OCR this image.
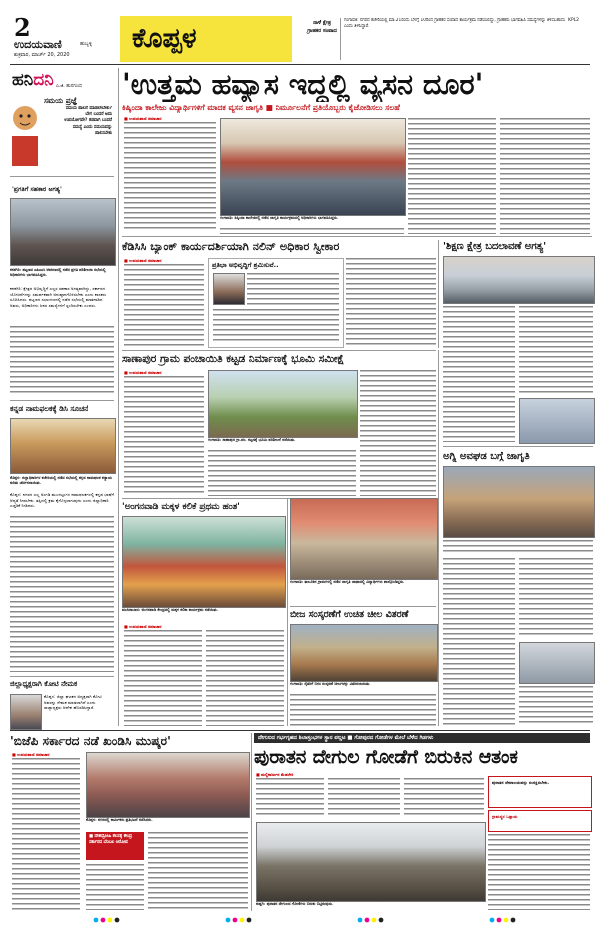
2
ಉದಯವಾಣಿ	ಹುಬ್ಬಳ್ಳಿ
ಶುಕ್ರವಾರ, ಮಾರ್ಚ್ 20, 2020
ಕೊಪ್ಪಳ	ನಾಳೆ ಕ್ಷೇತ್ರ ಗ್ರಾಹಕರ ಸಂವಾದ
ಗಂಗಾವತಿ: ನಗರದ ಕಚೇರಿಯಲ್ಲಿ ಮಾ.21ರಂದು ಬೆಳಗ್ಗೆ 10ರಿಂದ ಗ್ರಾಹಕರ ಸಂವಾದ ಕಾರ್ಯಕ್ರಮ ನಡೆಯಲಿದ್ದು, ಗ್ರಾಹಕರು ಭಾಗವಹಿಸಿ ಸಮಸ್ಯೆಗಳನ್ನು ತಿಳಿಸಬಹುದು ಎಂದು ತಿಳಿಸಿದ್ದಾರೆ.
KPL2
ಹನಿದನಿ ಎ.ಜಿ. ಹುನಗುಂದ
ಸಮಯ ಪ್ರಜ್ಞೆ
ಸಮಯ ಪಾಲನೆ ಮಾಡಲೇಬೇಕು? ಬೇಗ ಬಂದರೆ ಅದು ಉಪಯೋಗವೇ? ತಡವಾಗಿ ಬಂದರೆ ಸಮಸ್ಯೆ ಎಂದು ಸಮಯವನ್ನು ಪಾಲಿಸಬೇಕು
'ಪ್ರಗತಿಗೆ ಸಹಕಾರ ಅಗತ್ಯ'
ಕನಕಗಿರಿ: ಪಟ್ಟಣದ ಎಪಿಎಂಸಿ ಆವರಣದಲ್ಲಿ ನಡೆದ ಪ್ರಗತಿ ಪರಿಶೀಲನಾ ಸಭೆಯಲ್ಲಿ ಅಧಿಕಾರಿಗಳು ಭಾಗವಹಿಸಿದ್ದರು.
ಕನಕಗಿರಿ: ಕ್ಷೇತ್ರದ ಅಭಿವೃದ್ಧಿಗೆ ಎಲ್ಲರ ಸಹಕಾರ ಅಗತ್ಯವಾಗಿದ್ದು, ಸರ್ಕಾರದ ಯೋಜನೆಗಳನ್ನು ಸಮರ್ಪಕವಾಗಿ ಅನುಷ್ಠಾನಗೊಳಿಸಬೇಕು ಎಂದು ಶಾಸಕರು ಸೂಚಿಸಿದರು. ಪಟ್ಟಣದ ಸಭಾಂಗಣದಲ್ಲಿ ನಡೆದ ಸಭೆಯಲ್ಲಿ ಮಾತನಾಡಿದ ಅವರು, ಅಧಿಕಾರಿಗಳು ಜನರ ಸಮಸ್ಯೆಗಳಿಗೆ ಸ್ಪಂದಿಸಬೇಕು ಎಂದರು.
ಕನ್ನಡ ನಾಮಫಲಕಕ್ಕೆ ಡಿಸಿ ಸೂಚನೆ
ಕೊಪ್ಪಳ: ಜಿಲ್ಲಾಧಿಕಾರಿಗಳ ಕಚೇರಿಯಲ್ಲಿ ನಡೆದ ಸಭೆಯಲ್ಲಿ ಕನ್ನಡ ನಾಮಫಲಕ ಕಡ್ಡಾಯ ಕುರಿತು ಚರ್ಚಿಸಲಾಯಿತು.
ಕೊಪ್ಪಳ: ನಗರದ ಎಲ್ಲ ಅಂಗಡಿ ಮುಂಗಟ್ಟುಗಳ ನಾಮಫಲಕಗಳಲ್ಲಿ ಕನ್ನಡ ಭಾಷೆಗೆ ಆದ್ಯತೆ ನೀಡಬೇಕು. ತಪ್ಪಿದಲ್ಲಿ ಕ್ರಮ ಕೈಗೊಳ್ಳಲಾಗುವುದು ಎಂದು ಜಿಲ್ಲಾಧಿಕಾರಿ ಎಚ್ಚರಿಕೆ ನೀಡಿದರು.
ಜಿಲ್ಲಾಧ್ಯಕ್ಷರಾಗಿ ಕೋಟಿ ನೇಮಕ
ಕೊಪ್ಪಳ: ಜಿಲ್ಲಾ ಘಟಕದ ಅಧ್ಯಕ್ಷರಾಗಿ ಕೋಟಿ ಅವರನ್ನು ನೇಮಕ ಮಾಡಲಾಗಿದೆ ಎಂದು ರಾಜ್ಯಾಧ್ಯಕ್ಷರು ಆದೇಶ ಹೊರಡಿಸಿದ್ದಾರೆ.
'ಉತ್ತಮ ಹವ್ಯಾಸ ಇದ್ದಲ್ಲಿ ವ್ಯಸನ ದೂರ'
ಕಿಷ್ಕಿಂದಾ ಕಾಲೇಜು ವಿದ್ಯಾರ್ಥಿಗಳಿಗೆ ಮಾದಕ ವ್ಯಸನ ಜಾಗೃತಿ ■ ನಿರ್ಮೂಲನೆಗೆ ಪ್ರತಿಯೊಬ್ಬರು ಕೈಜೋಡಿಸಲು ಸಲಹೆ
■ ಉದಯವಾಣಿ ಸಮಾಚಾರ
ಗಂಗಾವತಿ: ಕಿಷ್ಕಿಂದಾ ಕಾಲೇಜಿನಲ್ಲಿ ನಡೆದ ಜಾಗೃತಿ ಕಾರ್ಯಕ್ರಮದಲ್ಲಿ ಅಧಿಕಾರಿಗಳು ಭಾಗವಹಿಸಿದ್ದರು.
ಕೆಡಿಸಿಸಿ ಬ್ಯಾಂಕ್ ಕಾರ್ಯದರ್ಶಿಯಾಗಿ ನಲಿನ್ ಅಧಿಕಾರ ಸ್ವೀಕಾರ
■ ಉದಯವಾಣಿ ಸಮಾಚಾರ
ಪ್ರತಿಭಾ ಅಭಿವೃದ್ಧಿಗೆ ಶ್ರಮಿಸುವೆ..
'ಶಿಕ್ಷಣ ಕ್ಷೇತ್ರ ಬದಲಾವಣೆ ಅಗತ್ಯ'
ಸಾಣಾಪುರ ಗ್ರಾಮ ಪಂಚಾಯಿತಿ ಕಟ್ಟಡ ನಿರ್ಮಾಣಕ್ಕೆ ಭೂಮಿ ಸಮೀಕ್ಷೆ
■ ಉದಯವಾಣಿ ಸಮಾಚಾರ
ಗಂಗಾವತಿ: ಸಾಣಾಪುರ ಗ್ರಾ.ಪಂ. ಕಟ್ಟಡಕ್ಕೆ ಭೂಮಿ ಪರಿಶೀಲನೆ ನಡೆಯಿತು.
ಅಗ್ನಿ ಅವಘಡ ಬಗ್ಗೆ ಜಾಗೃತಿ
'ಅಂಗನವಾಡಿ ಮಕ್ಕಳ ಕಲಿಕೆ ಪ್ರಥಮ ಹಂತ'
ಮುನಿರಾಬಾದ: ಅಂಗನವಾಡಿ ಕೇಂದ್ರದಲ್ಲಿ ಮಕ್ಕಳ ಕಲಿಕಾ ಕಾರ್ಯಕ್ರಮ ನಡೆಯಿತು.
■ ಉದಯವಾಣಿ ಸಮಾಚಾರ
ಗಂಗಾವತಿ: ತಾಲೂಕಿನ ಗ್ರಾಮಗಳಲ್ಲಿ ನಡೆದ ಜಾಗೃತಿ ಜಾಥಾದಲ್ಲಿ ವಿದ್ಯಾರ್ಥಿಗಳು ಪಾಲ್ಗೊಂಡಿದ್ದರು.
ಬೀಜ ಸಂಸ್ಕರಣೆಗೆ ಉಚಿತ ಚೀಲ ವಿತರಣೆ
ಗಂಗಾವತಿ: ರೈತರಿಗೆ ಬೀಜ ಸಂಸ್ಕರಣೆ ಚೀಲಗಳನ್ನು ವಿತರಿಸಲಾಯಿತು.
'ಬಿಜೆಪಿ ಸರ್ಕಾರದ ನಡೆ ಖಂಡಿಸಿ ಮುಷ್ಕರ'
■ ಉದಯವಾಣಿ ಸಮಾಚಾರ
ಕೊಪ್ಪಳ: ನಗರದಲ್ಲಿ ಕಾರ್ಮಿಕರು ಪ್ರತಿಭಟನೆ ನಡೆಸಿದರು.
■ ದೇಶದ್ರೋಹಿ ಕೆಲಸಕ್ಕೆ ಕೇಂದ್ರ ಸರ್ಕಾರದ ಬೆಂಬಲ ಆರೋಪ
ದೇಗುಲದ ಗರ್ಭಗೃಹದ ಶಿಲಾಸ್ತಂಭಗಳ ಸ್ಥಾನ ಪಲ್ಲಟ ■ ಗೋಪುರದ ಗೋಡೆಗಳ ಮೇಲೆ ಬೆಳೆದ ಗಿಡಗಳು
ಪುರಾತನ ದೇಗುಲ ಗೋಡೆಗೆ ಬಿರುಕಿನ ಆತಂಕ
■ ಮಲ್ಲಿಕಾರ್ಜುನ ಮೆಡಲೇರಿ
ಕುಷ್ಟಗಿ: ಪುರಾತನ ದೇಗುಲದ ಗೋಡೆಗಳು ಬಿರುಕು ಬಿಟ್ಟಿರುವುದು.
ಪುರಾತನ ದೇವಾಲಯವನ್ನು ಸಂರಕ್ಷಿಸಬೇಕು.
ಗ್ರಾಮಸ್ಥರ ಒತ್ತಾಯ
